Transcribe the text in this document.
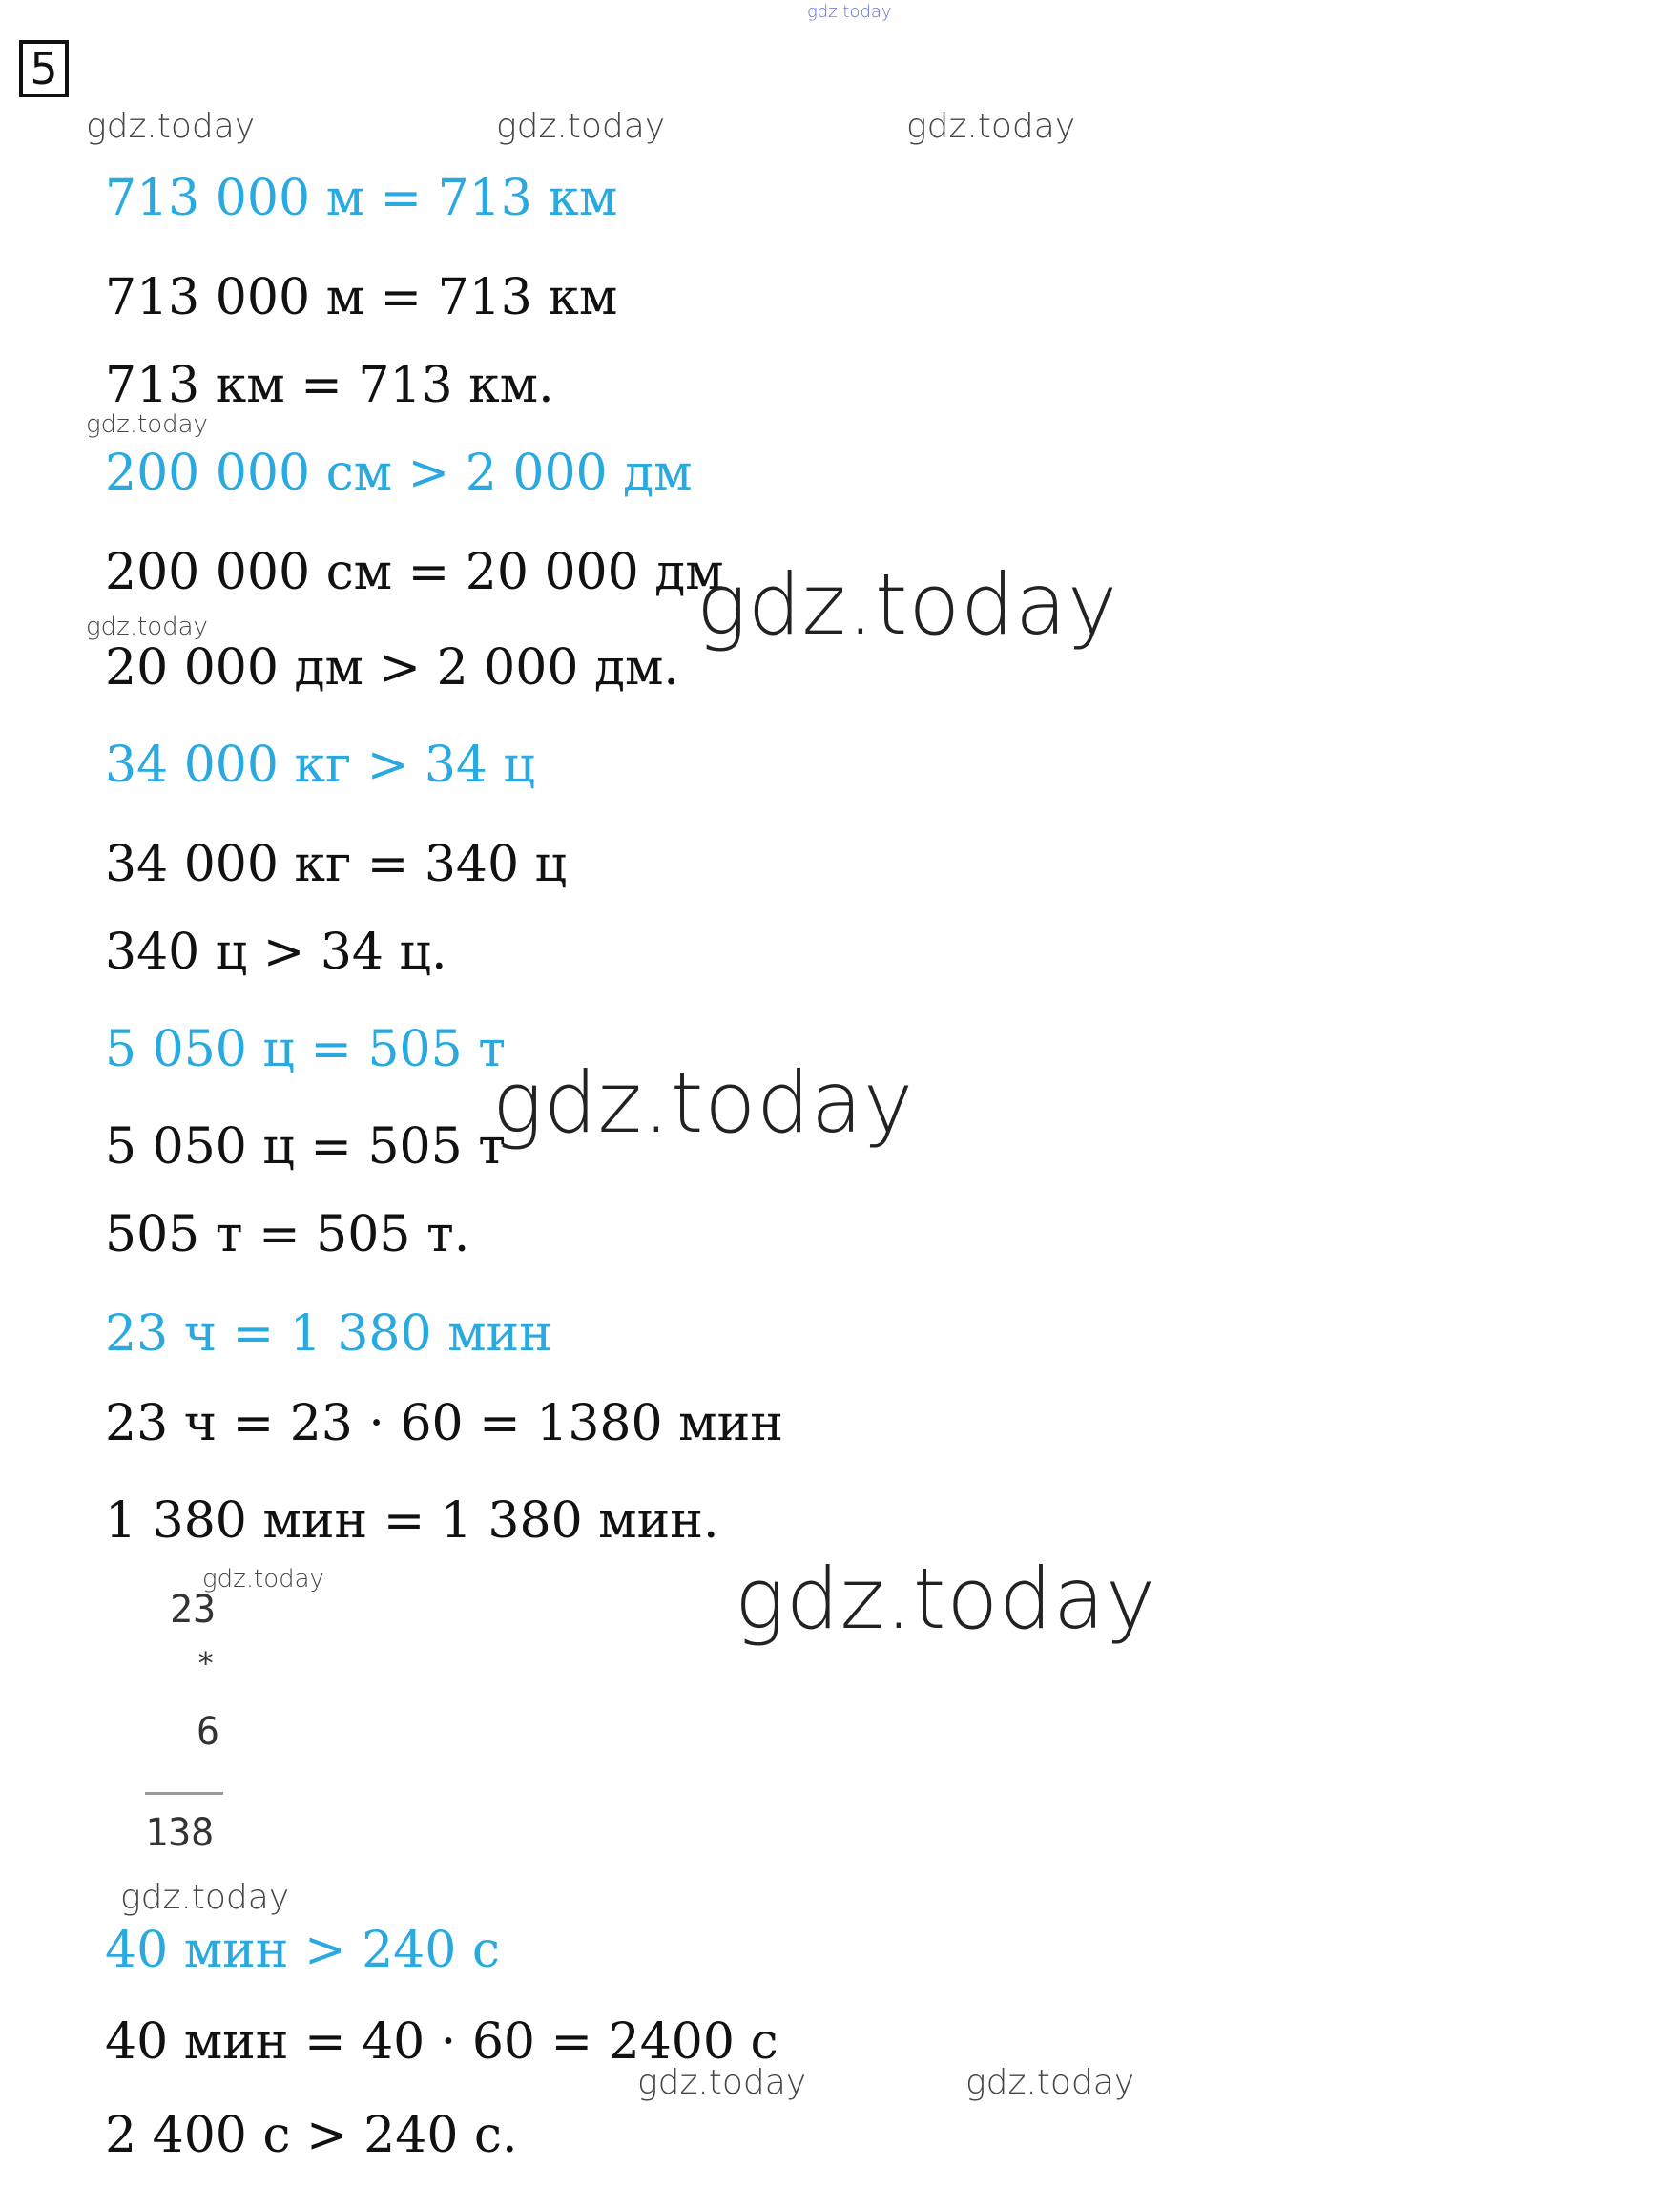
gdz.today
5
gdz.today	gdz.today	gdz.today
713 000 м = 713 км
713 000 м = 713 км
713 км = 713 км.
gdz.today
200 000 см > 2 000 дм
200 000 см = 20 000 дм
gdz.today
gdz.today
20 000 дм > 2 000 дм.
34 000 кг > 34 ц
34 000 кг = 340 ц
340 ц > 34 ц.
5 050 ц = 505 т
gdz.today
5 050 ц = 505 т
505 т = 505 т.
23 ч = 1 380 мин
23 ч = 23 · 60 = 1380 мин
1 380 мин = 1 380 мин.
gdz.today	gdz.today
23
*
6
138
gdz.today
40 мин > 240 с
40 мин = 40 · 60 = 2400 с
gdz.today	gdz.today
2 400 с > 240 с.
